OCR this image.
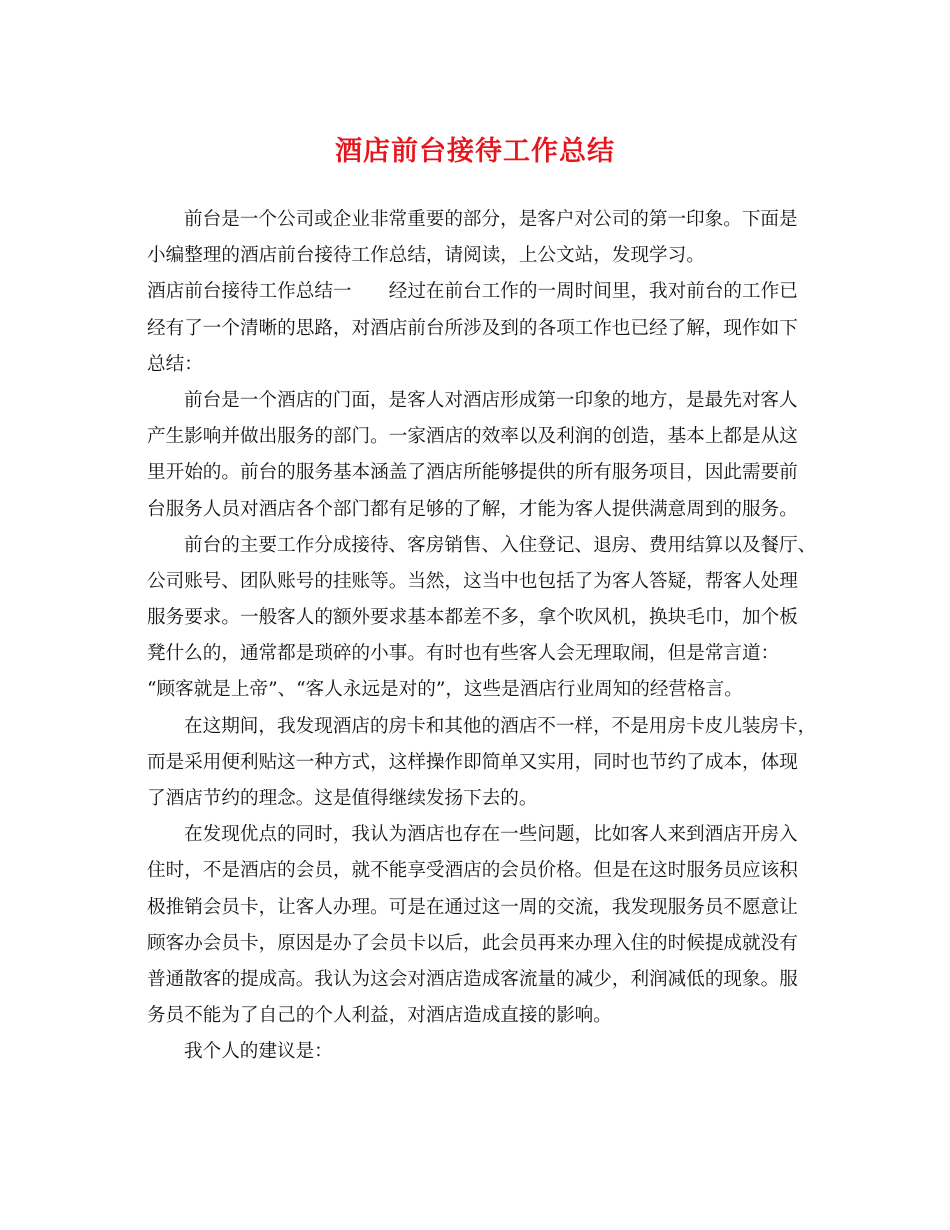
酒店前台接待工作总结
前台是一个公司或企业非常重要的部分，是客户对公司的第一印象。下面是
小编整理的酒店前台接待工作总结，请阅读，上公文站，发现学习。
酒店前台接待工作总结一　　经过在前台工作的一周时间里，我对前台的工作已
经有了一个清晰的思路，对酒店前台所涉及到的各项工作也已经了解，现作如下
总结：
前台是一个酒店的门面，是客人对酒店形成第一印象的地方，是最先对客人
产生影响并做出服务的部门。一家酒店的效率以及利润的创造，基本上都是从这
里开始的。前台的服务基本涵盖了酒店所能够提供的所有服务项目，因此需要前
台服务人员对酒店各个部门都有足够的了解，才能为客人提供满意周到的服务。
前台的主要工作分成接待、客房销售、入住登记、退房、费用结算以及餐厅、
公司账号、团队账号的挂账等。当然，这当中也包括了为客人答疑，帮客人处理
服务要求。一般客人的额外要求基本都差不多，拿个吹风机，换块毛巾，加个板
凳什么的，通常都是琐碎的小事。有时也有些客人会无理取闹，但是常言道：
“顾客就是上帝”、“客人永远是对的”，这些是酒店行业周知的经营格言。
在这期间，我发现酒店的房卡和其他的酒店不一样，不是用房卡皮儿装房卡，
而是采用便利贴这一种方式，这样操作即简单又实用，同时也节约了成本，体现
了酒店节约的理念。这是值得继续发扬下去的。
在发现优点的同时，我认为酒店也存在一些问题，比如客人来到酒店开房入
住时，不是酒店的会员，就不能享受酒店的会员价格。但是在这时服务员应该积
极推销会员卡，让客人办理。可是在通过这一周的交流，我发现服务员不愿意让
顾客办会员卡，原因是办了会员卡以后，此会员再来办理入住的时候提成就没有
普通散客的提成高。我认为这会对酒店造成客流量的减少，利润减低的现象。服
务员不能为了自己的个人利益，对酒店造成直接的影响。
我个人的建议是：
